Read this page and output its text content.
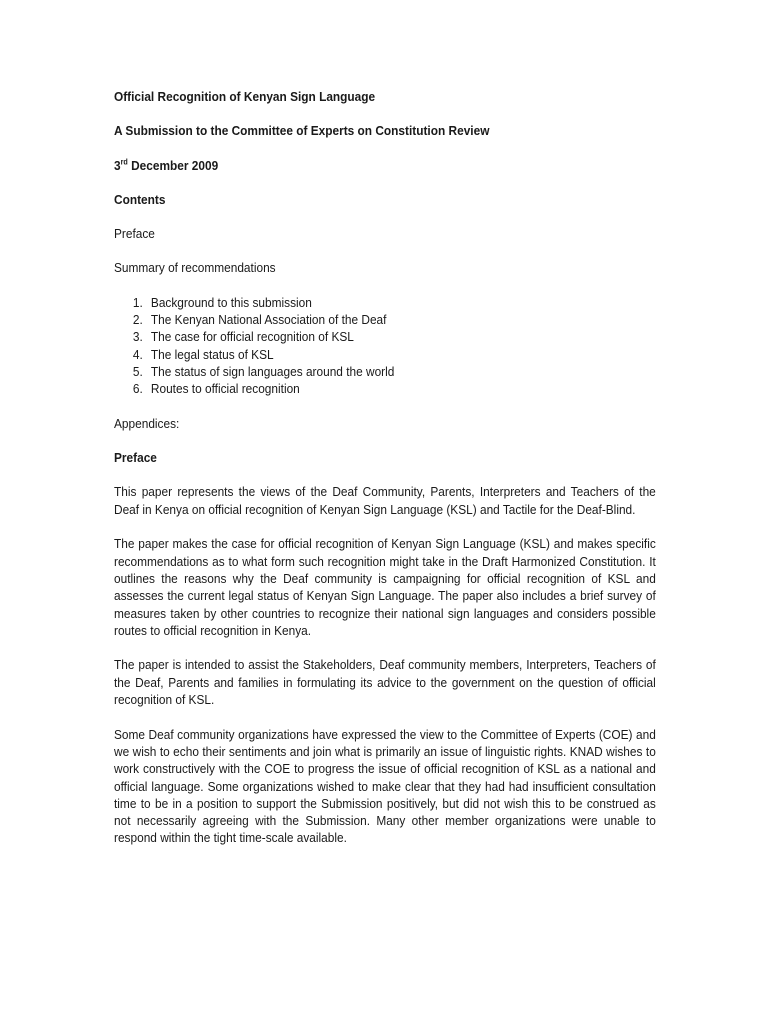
Official Recognition of Kenyan Sign Language

A Submission to the Committee of Experts on Constitution Review

3rd December 2009

Contents

Preface

Summary of recommendations

1. Background to this submission
2. The Kenyan National Association of the Deaf
3. The case for official recognition of KSL
4. The legal status of KSL
5. The status of sign languages around the world
6. Routes to official recognition

Appendices:

Preface

This paper represents the views of the Deaf Community, Parents, Interpreters and Teachers of the Deaf in Kenya on official recognition of Kenyan Sign Language (KSL) and Tactile for the Deaf-Blind.

The paper makes the case for official recognition of Kenyan Sign Language (KSL) and makes specific recommendations as to what form such recognition might take in the Draft Harmonized Constitution. It outlines the reasons why the Deaf community is campaigning for official recognition of KSL and assesses the current legal status of Kenyan Sign Language. The paper also includes a brief survey of measures taken by other countries to recognize their national sign languages and considers possible routes to official recognition in Kenya.

The paper is intended to assist the Stakeholders, Deaf community members, Interpreters, Teachers of the Deaf, Parents and families in formulating its advice to the government on the question of official recognition of KSL.

Some Deaf community organizations have expressed the view to the Committee of Experts (COE) and we wish to echo their sentiments and join what is primarily an issue of linguistic rights. KNAD wishes to work constructively with the COE to progress the issue of official recognition of KSL as a national and official language. Some organizations wished to make clear that they had had insufficient consultation time to be in a position to support the Submission positively, but did not wish this to be construed as not necessarily agreeing with the Submission. Many other member organizations were unable to respond within the tight time-scale available.
